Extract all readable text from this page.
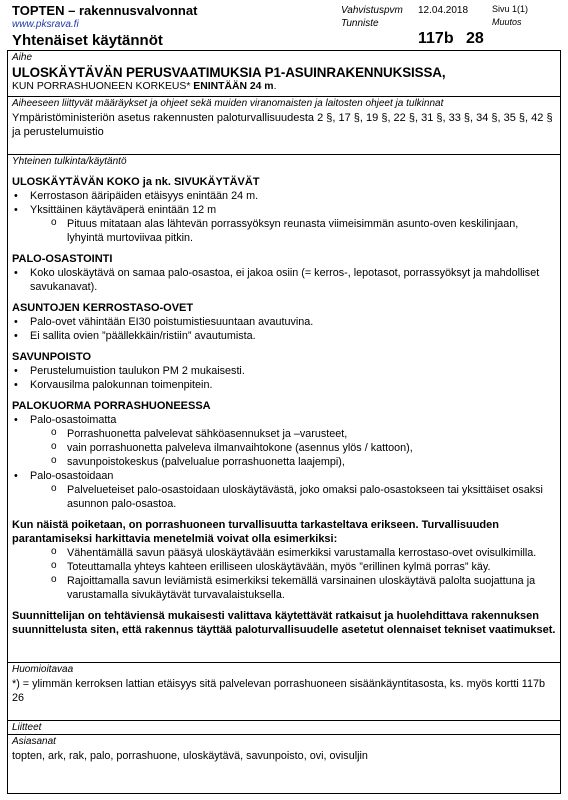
TOPTEN – rakennusvalvonnat
www.pksrava.fi
Yhtenäiset käytännöt
Vahvistuspvm 12.04.2018
Tunniste
Sivu 1(1)
Muutos
117b 28
Aihe
ULOSKÄYTÄVÄN PERUSVAATIMUKSIA P1-ASUINRAKENNUKSISSA,
KUN PORRASHUONEEN KORKEUS* ENINTÄÄN 24 m.
Aiheeseen liittyvät määräykset ja ohjeet sekä muiden viranomaisten ja laitosten ohjeet ja tulkinnat
Ympäristöministeriön asetus rakennusten paloturvallisuudesta 2 §, 17 §, 19 §, 22 §, 31 §, 33 §, 34 §, 35 §, 42 § ja perustelumuistio
Yhteinen tulkinta/käytäntö
ULOSKÄYTÄVÄN KOKO ja nk. SIVUKÄYTÄVÄT
• Kerrostason ääripäiden etäisyys enintään 24 m.
• Yksittäinen käytäväperä enintään 12 m
o Pituus mitataan alas lähtevän porrassyöksyn reunasta viimeisimmän asunto-oven keskilinjaan, lyhyintä murtoviivaa pitkin.
PALO-OSASTOINTI
• Koko uloskäytävä on samaa palo-osastoa, ei jakoa osiin (= kerros-, lepotasot, porrassyöksyt ja mahdolliset savukanavat).
ASUNTOJEN KERROSTASO-OVET
• Palo-ovet vähintään EI30 poistumistiesuuntaan avautuvina.
• Ei sallita ovien ”päällekkäin/ristiin” avautumista.
SAVUNPOISTO
• Perustelumuistion taulukon PM 2 mukaisesti.
• Korvausilma palokunnan toimenpitein.
PALOKUORMA PORRASHUONEESSA
• Palo-osastoimatta
o Porrashuonetta palvelevat sähköasennukset ja –varusteet,
o vain porrashuonetta palveleva ilmanvaihtokone (asennus ylös / kattoon),
o savunpoistokeskus (palvelualue porrashuonetta laajempi),
• Palo-osastoidaan
o Palvelueteiset palo-osastoidaan uloskäytävästä, joko omaksi palo-osastokseen tai yksittäiset osaksi asunnon palo-osastoa.
Kun näistä poiketaan, on porrashuoneen turvallisuutta tarkasteltava erikseen. Turvallisuuden parantamiseksi harkittavia menetelmiä voivat olla esimerkiksi:
o Vähentämällä savun pääsyä uloskäytävään esimerkiksi varustamalla kerrostaso-ovet ovisulkimilla.
o Toteuttamalla yhteys kahteen erilliseen uloskäytävään, myös ”erillinen kylmä porras” käy.
o Rajoittamalla savun leviämistä esimerkiksi tekemällä varsinainen uloskäytävä palolta suojattuna ja varustamalla sivukäytävät turvavalaistuksella.
Suunnittelijan on tehtäviensä mukaisesti valittava käytettävät ratkaisut ja huolehdittava rakennuksen suunnittelusta siten, että rakennus täyttää paloturvallisuudelle asetetut olennaiset tekniset vaatimukset.
Huomioitavaa
*) = ylimmän kerroksen lattian etäisyys sitä palvelevan porrashuoneen sisäänkäyntitasosta, ks. myös kortti 117b 26
Liitteet
Asiasanat
topten, ark, rak, palo, porrashuone, uloskäytävä, savunpoisto, ovi, ovisuljin
